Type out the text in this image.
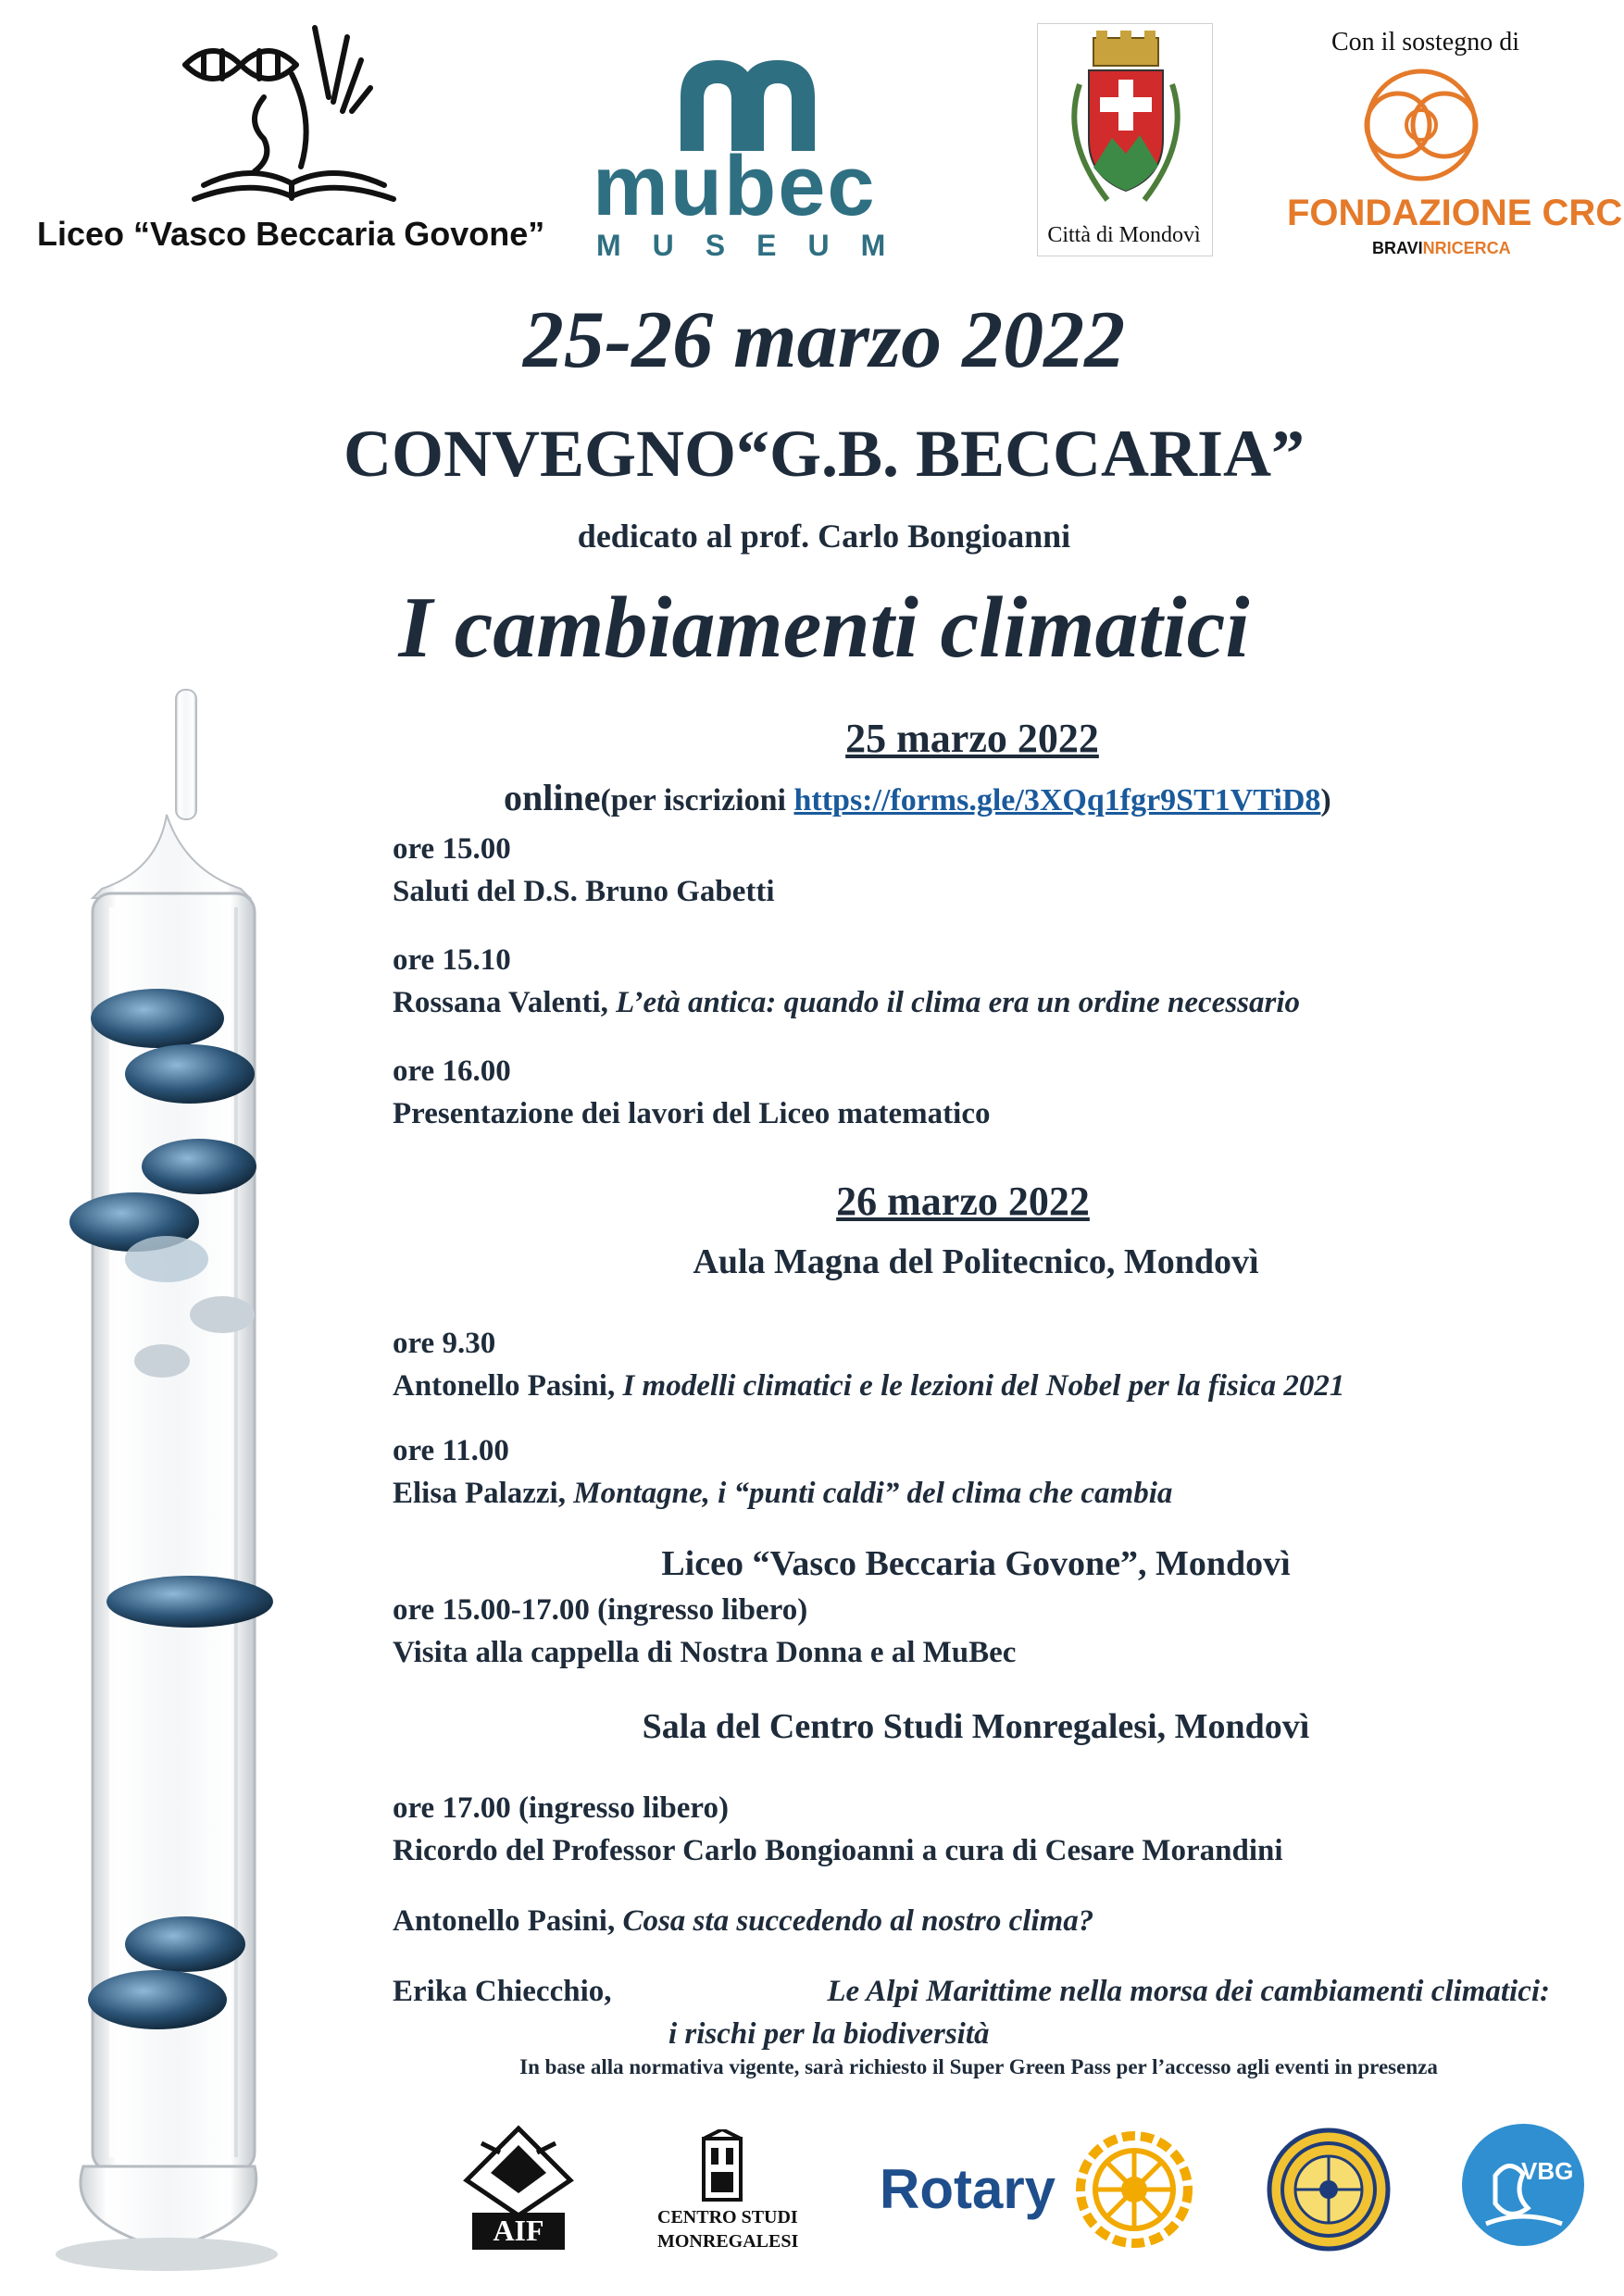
Liceo “Vasco Beccaria Govone”
mubec
MUSEUM	Città di Mondovì
Con il sostegno di
FONDAZIONE CRC
BRAVINRICERCA
25-26 marzo 2022
CONVEGNO“G.B. BECCARIA”
dedicato al prof. Carlo Bongioanni
I cambiamenti climatici
25 marzo 2022
online(per iscrizioni https://forms.gle/3XQq1fgr9ST1VTiD8)
ore 15.00
Saluti del D.S. Bruno Gabetti
ore 15.10
Rossana Valenti, L’età antica: quando il clima era un ordine necessario
ore 16.00
Presentazione dei lavori del Liceo matematico
26 marzo 2022
Aula Magna del Politecnico, Mondovì
ore 9.30
Antonello Pasini, I modelli climatici e le lezioni del Nobel per la fisica 2021
ore 11.00
Elisa Palazzi, Montagne, i “punti caldi” del clima che cambia
Liceo “Vasco Beccaria Govone”, Mondovì
ore 15.00-17.00 (ingresso libero)
Visita alla cappella di Nostra Donna e al MuBec
Sala del Centro Studi Monregalesi, Mondovì
ore 17.00 (ingresso libero)
Ricordo del Professor Carlo Bongioanni a cura di Cesare Morandini
Antonello Pasini, Cosa sta succedendo al nostro clima?
Erika Chiecchio,	Le Alpi Marittime nella morsa dei cambiamenti climatici:
i rischi per la biodiversità
In base alla normativa vigente, sarà richiesto il Super Green Pass per l’accesso agli eventi in presenza
AIF	CENTRO STUDI
MONREGALESI
Rotary	VBG
